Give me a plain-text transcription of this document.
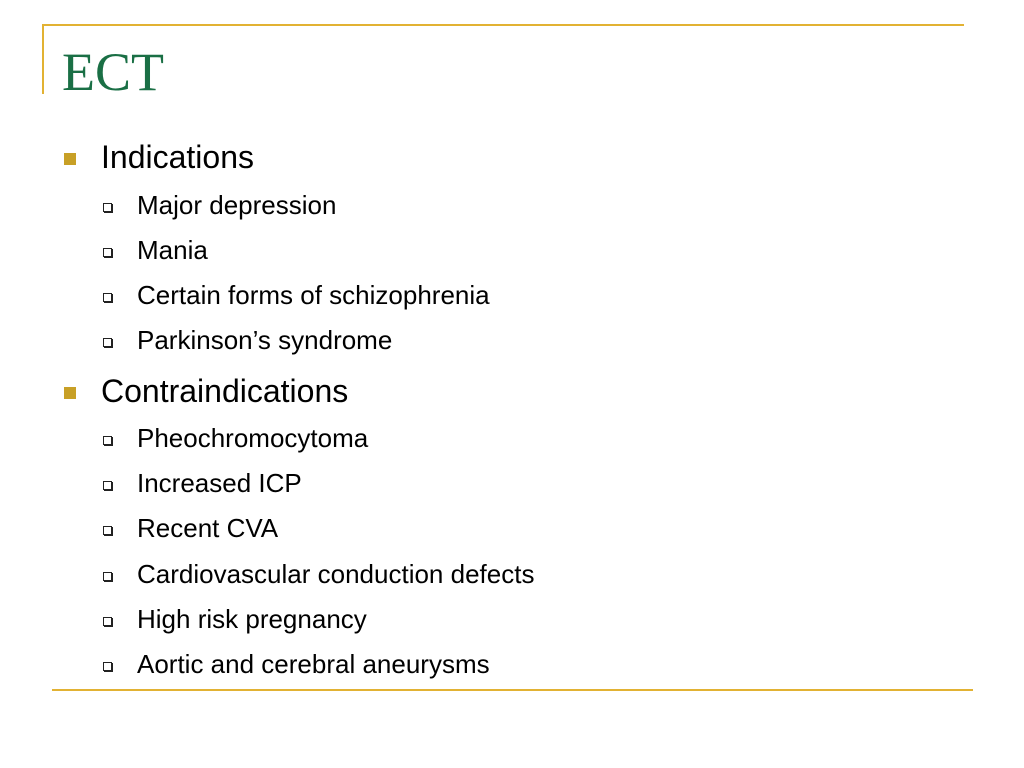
ECT
Indications
Major depression
Mania
Certain forms of schizophrenia
Parkinson’s syndrome
Contraindications
Pheochromocytoma
Increased ICP
Recent CVA
Cardiovascular conduction defects
High risk pregnancy
Aortic and cerebral aneurysms
